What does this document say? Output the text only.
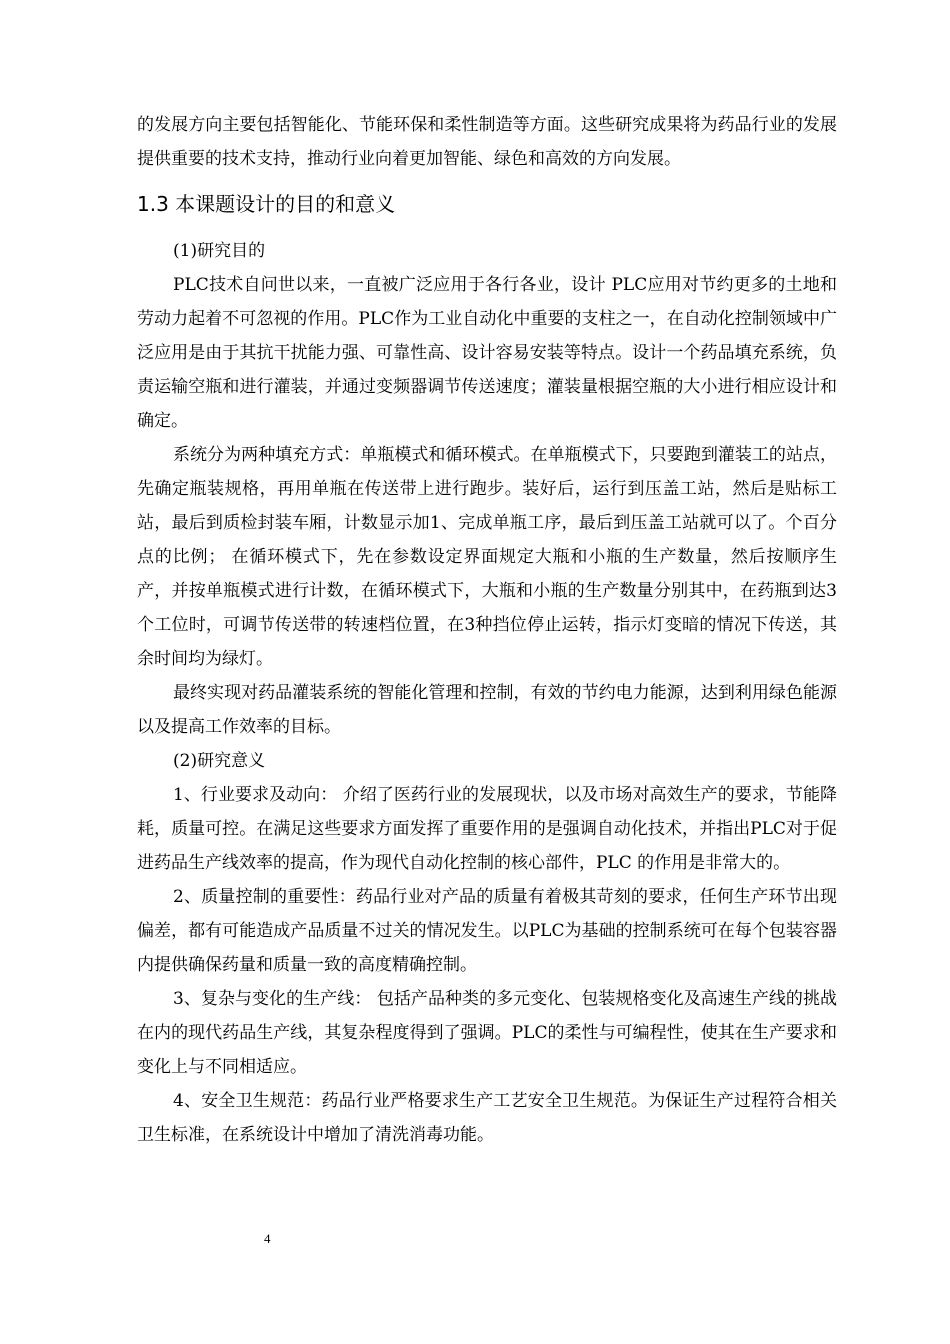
的发展方向主要包括智能化、节能环保和柔性制造等方面。这些研究成果将为药品行业的发展提供重要的技术支持，推动行业向着更加智能、绿色和高效的方向发展。

1.3 本课题设计的目的和意义

(1)研究目的

PLC技术自问世以来，一直被广泛应用于各行各业，设计 PLC应用对节约更多的土地和劳动力起着不可忽视的作用。PLC作为工业自动化中重要的支柱之一，在自动化控制领域中广泛应用是由于其抗干扰能力强、可靠性高、设计容易安装等特点。设计一个药品填充系统，负责运输空瓶和进行灌装，并通过变频器调节传送速度；灌装量根据空瓶的大小进行相应设计和确定。

系统分为两种填充方式：单瓶模式和循环模式。在单瓶模式下，只要跑到灌装工的站点，先确定瓶装规格，再用单瓶在传送带上进行跑步。装好后，运行到压盖工站，然后是贴标工站，最后到质检封装车厢，计数显示加1、完成单瓶工序，最后到压盖工站就可以了。个百分点的比例； 在循环模式下，先在参数设定界面规定大瓶和小瓶的生产数量，然后按顺序生产，并按单瓶模式进行计数，在循环模式下，大瓶和小瓶的生产数量分别其中，在药瓶到达3个工位时，可调节传送带的转速档位置，在3种挡位停止运转，指示灯变暗的情况下传送，其余时间均为绿灯。

最终实现对药品灌装系统的智能化管理和控制，有效的节约电力能源，达到利用绿色能源以及提高工作效率的目标。

(2)研究意义

1、行业要求及动向： 介绍了医药行业的发展现状，以及市场对高效生产的要求，节能降耗，质量可控。在满足这些要求方面发挥了重要作用的是强调自动化技术，并指出PLC对于促进药品生产线效率的提高，作为现代自动化控制的核心部件，PLC 的作用是非常大的。

2、质量控制的重要性：药品行业对产品的质量有着极其苛刻的要求，任何生产环节出现偏差，都有可能造成产品质量不过关的情况发生。以PLC为基础的控制系统可在每个包装容器内提供确保药量和质量一致的高度精确控制。

3、复杂与变化的生产线： 包括产品种类的多元变化、包装规格变化及高速生产线的挑战在内的现代药品生产线，其复杂程度得到了强调。PLC的柔性与可编程性，使其在生产要求和变化上与不同相适应。

4、安全卫生规范：药品行业严格要求生产工艺安全卫生规范。为保证生产过程符合相关卫生标准，在系统设计中增加了清洗消毒功能。

4
